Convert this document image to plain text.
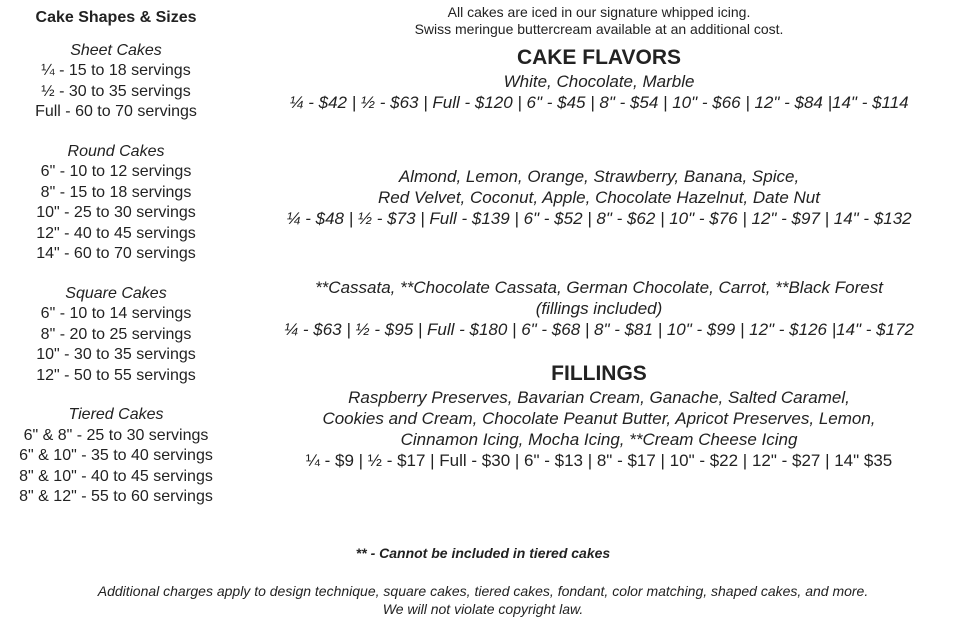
Cake Shapes & Sizes
Sheet Cakes
¼ - 15 to 18 servings
½ - 30 to 35 servings
Full - 60 to 70 servings
Round Cakes
6" - 10 to 12 servings
8" - 15 to 18 servings
10" - 25 to 30 servings
12" - 40 to 45 servings
14" - 60 to 70 servings
Square Cakes
6" - 10 to 14 servings
8" - 20 to 25 servings
10" - 30 to 35 servings
12" - 50 to 55 servings
Tiered Cakes
6" & 8" - 25 to 30 servings
6" & 10" - 35 to 40 servings
8" & 10" - 40 to 45 servings
8" & 12" - 55 to 60 servings
All cakes are iced in our signature whipped icing.
Swiss meringue buttercream available at an additional cost.
CAKE FLAVORS
White, Chocolate, Marble
¼ - $42 | ½ - $63 | Full - $120 | 6" - $45 | 8" - $54 | 10" - $66 | 12" - $84 |14" - $114
Almond, Lemon, Orange, Strawberry, Banana, Spice,
Red Velvet, Coconut, Apple, Chocolate Hazelnut, Date Nut
¼ - $48 | ½ - $73 | Full - $139 | 6" - $52 | 8" - $62 | 10" - $76 | 12" - $97 | 14" - $132
**Cassata, **Chocolate Cassata, German Chocolate, Carrot, **Black Forest
(fillings included)
¼ - $63 | ½ - $95 | Full - $180 | 6" - $68 | 8" - $81 | 10" - $99 | 12" - $126 |14" - $172
FILLINGS
Raspberry Preserves, Bavarian Cream, Ganache, Salted Caramel,
Cookies and Cream, Chocolate Peanut Butter, Apricot Preserves, Lemon,
Cinnamon Icing, Mocha Icing, **Cream Cheese Icing
¼ - $9 | ½ - $17 | Full - $30 | 6" - $13 | 8" - $17 | 10" - $22 | 12" - $27 | 14" $35
** - Cannot be included in tiered cakes
Additional charges apply to design technique, square cakes, tiered cakes, fondant, color matching, shaped cakes, and more.
We will not violate copyright law.
